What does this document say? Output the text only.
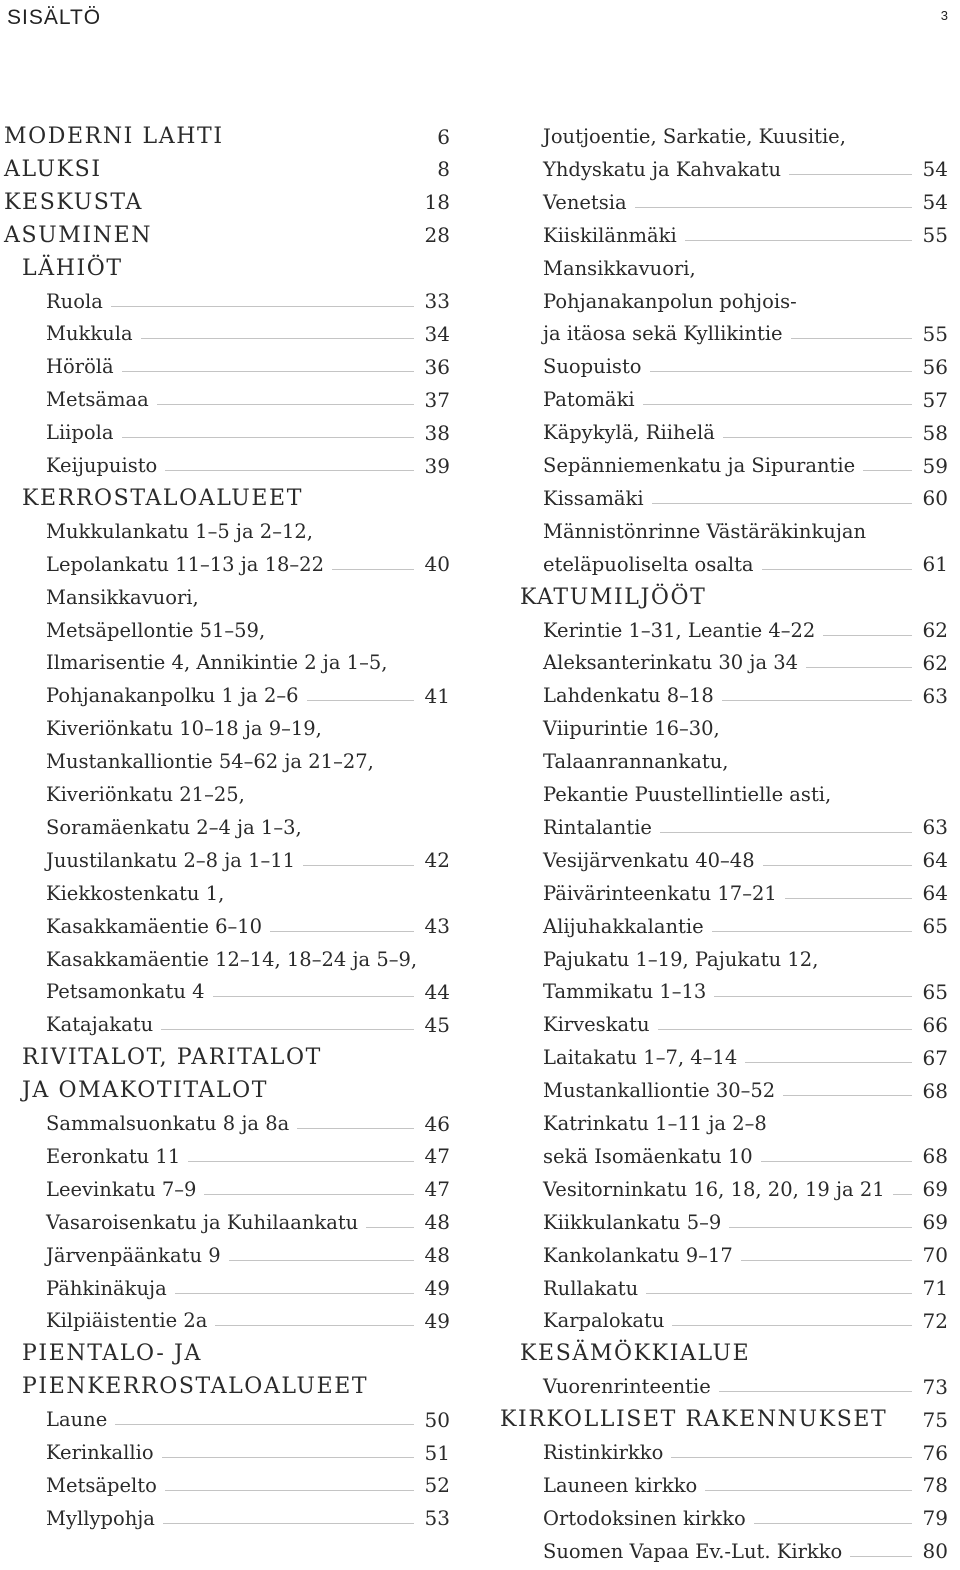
SISÄLTÖ	3
MODERNI LAHTI	6
ALUKSI	8
KESKUSTA	18
ASUMINEN	28
LÄHIÖT
Ruola	33
Mukkula	34
Hörölä	36
Metsämaa	37
Liipola	38
Keijupuisto	39
KERROSTALOALUEET
Mukkulankatu 1–5 ja 2–12,
Lepolankatu 11–13 ja 18–22	40
Mansikkavuori,
Metsäpellontie 51–59,
Ilmarisentie 4, Annikintie 2 ja 1–5,
Pohjanakanpolku 1 ja 2–6	41
Kiveriönkatu 10–18 ja 9–19,
Mustankalliontie 54–62 ja 21–27,
Kiveriönkatu 21–25,
Soramäenkatu 2–4 ja 1–3,
Juustilankatu 2–8 ja 1–11	42
Kiekkostenkatu 1,
Kasakkamäentie 6–10	43
Kasakkamäentie 12–14, 18–24 ja 5–9,
Petsamonkatu 4	44
Katajakatu	45
RIVITALOT, PARITALOT
JA OMAKOTITALOT
Sammalsuonkatu 8 ja 8a	46
Eeronkatu 11	47
Leevinkatu 7–9	47
Vasaroisenkatu ja Kuhilaankatu	48
Järvenpäänkatu 9	48
Pähkinäkuja	49
Kilpiäistentie 2a	49
PIENTALO- JA
PIENKERROSTALOALUEET
Laune	50
Kerinkallio	51
Metsäpelto	52
Myllypohja	53
Joutjoentie, Sarkatie, Kuusitie,
Yhdyskatu ja Kahvakatu	54
Venetsia	54
Kiiskilänmäki	55
Mansikkavuori,
Pohjanakanpolun pohjois-
ja itäosa sekä Kyllikintie	55
Suopuisto	56
Patomäki	57
Käpykylä, Riihelä	58
Sepänniemenkatu ja Sipurantie	59
Kissamäki	60
Männistönrinne Västäräkinkujan
eteläpuoliselta osalta	61
KATUMILJÖÖT
Kerintie 1–31, Leantie 4–22	62
Aleksanterinkatu 30 ja 34	62
Lahdenkatu 8–18	63
Viipurintie 16–30,
Talaanrannankatu,
Pekantie Puustellintielle asti,
Rintalantie	63
Vesijärvenkatu 40–48	64
Päivärinteenkatu 17–21	64
Alijuhakkalantie	65
Pajukatu 1–19, Pajukatu 12,
Tammikatu 1–13	65
Kirveskatu	66
Laitakatu 1–7, 4–14	67
Mustankalliontie 30–52	68
Katrinkatu 1–11 ja 2–8
sekä Isomäenkatu 10	68
Vesitorninkatu 16, 18, 20, 19 ja 21 69
Kiikkulankatu 5–9	69
Kankolankatu 9–17	70
Rullakatu	71
Karpalokatu	72
KESÄMÖKKIALUE
Vuorenrinteentie	73
KIRKOLLISET RAKENNUKSET 75
Ristinkirkko	76
Launeen kirkko	78
Ortodoksinen kirkko	79
Suomen Vapaa Ev.-Lut. Kirkko	80
